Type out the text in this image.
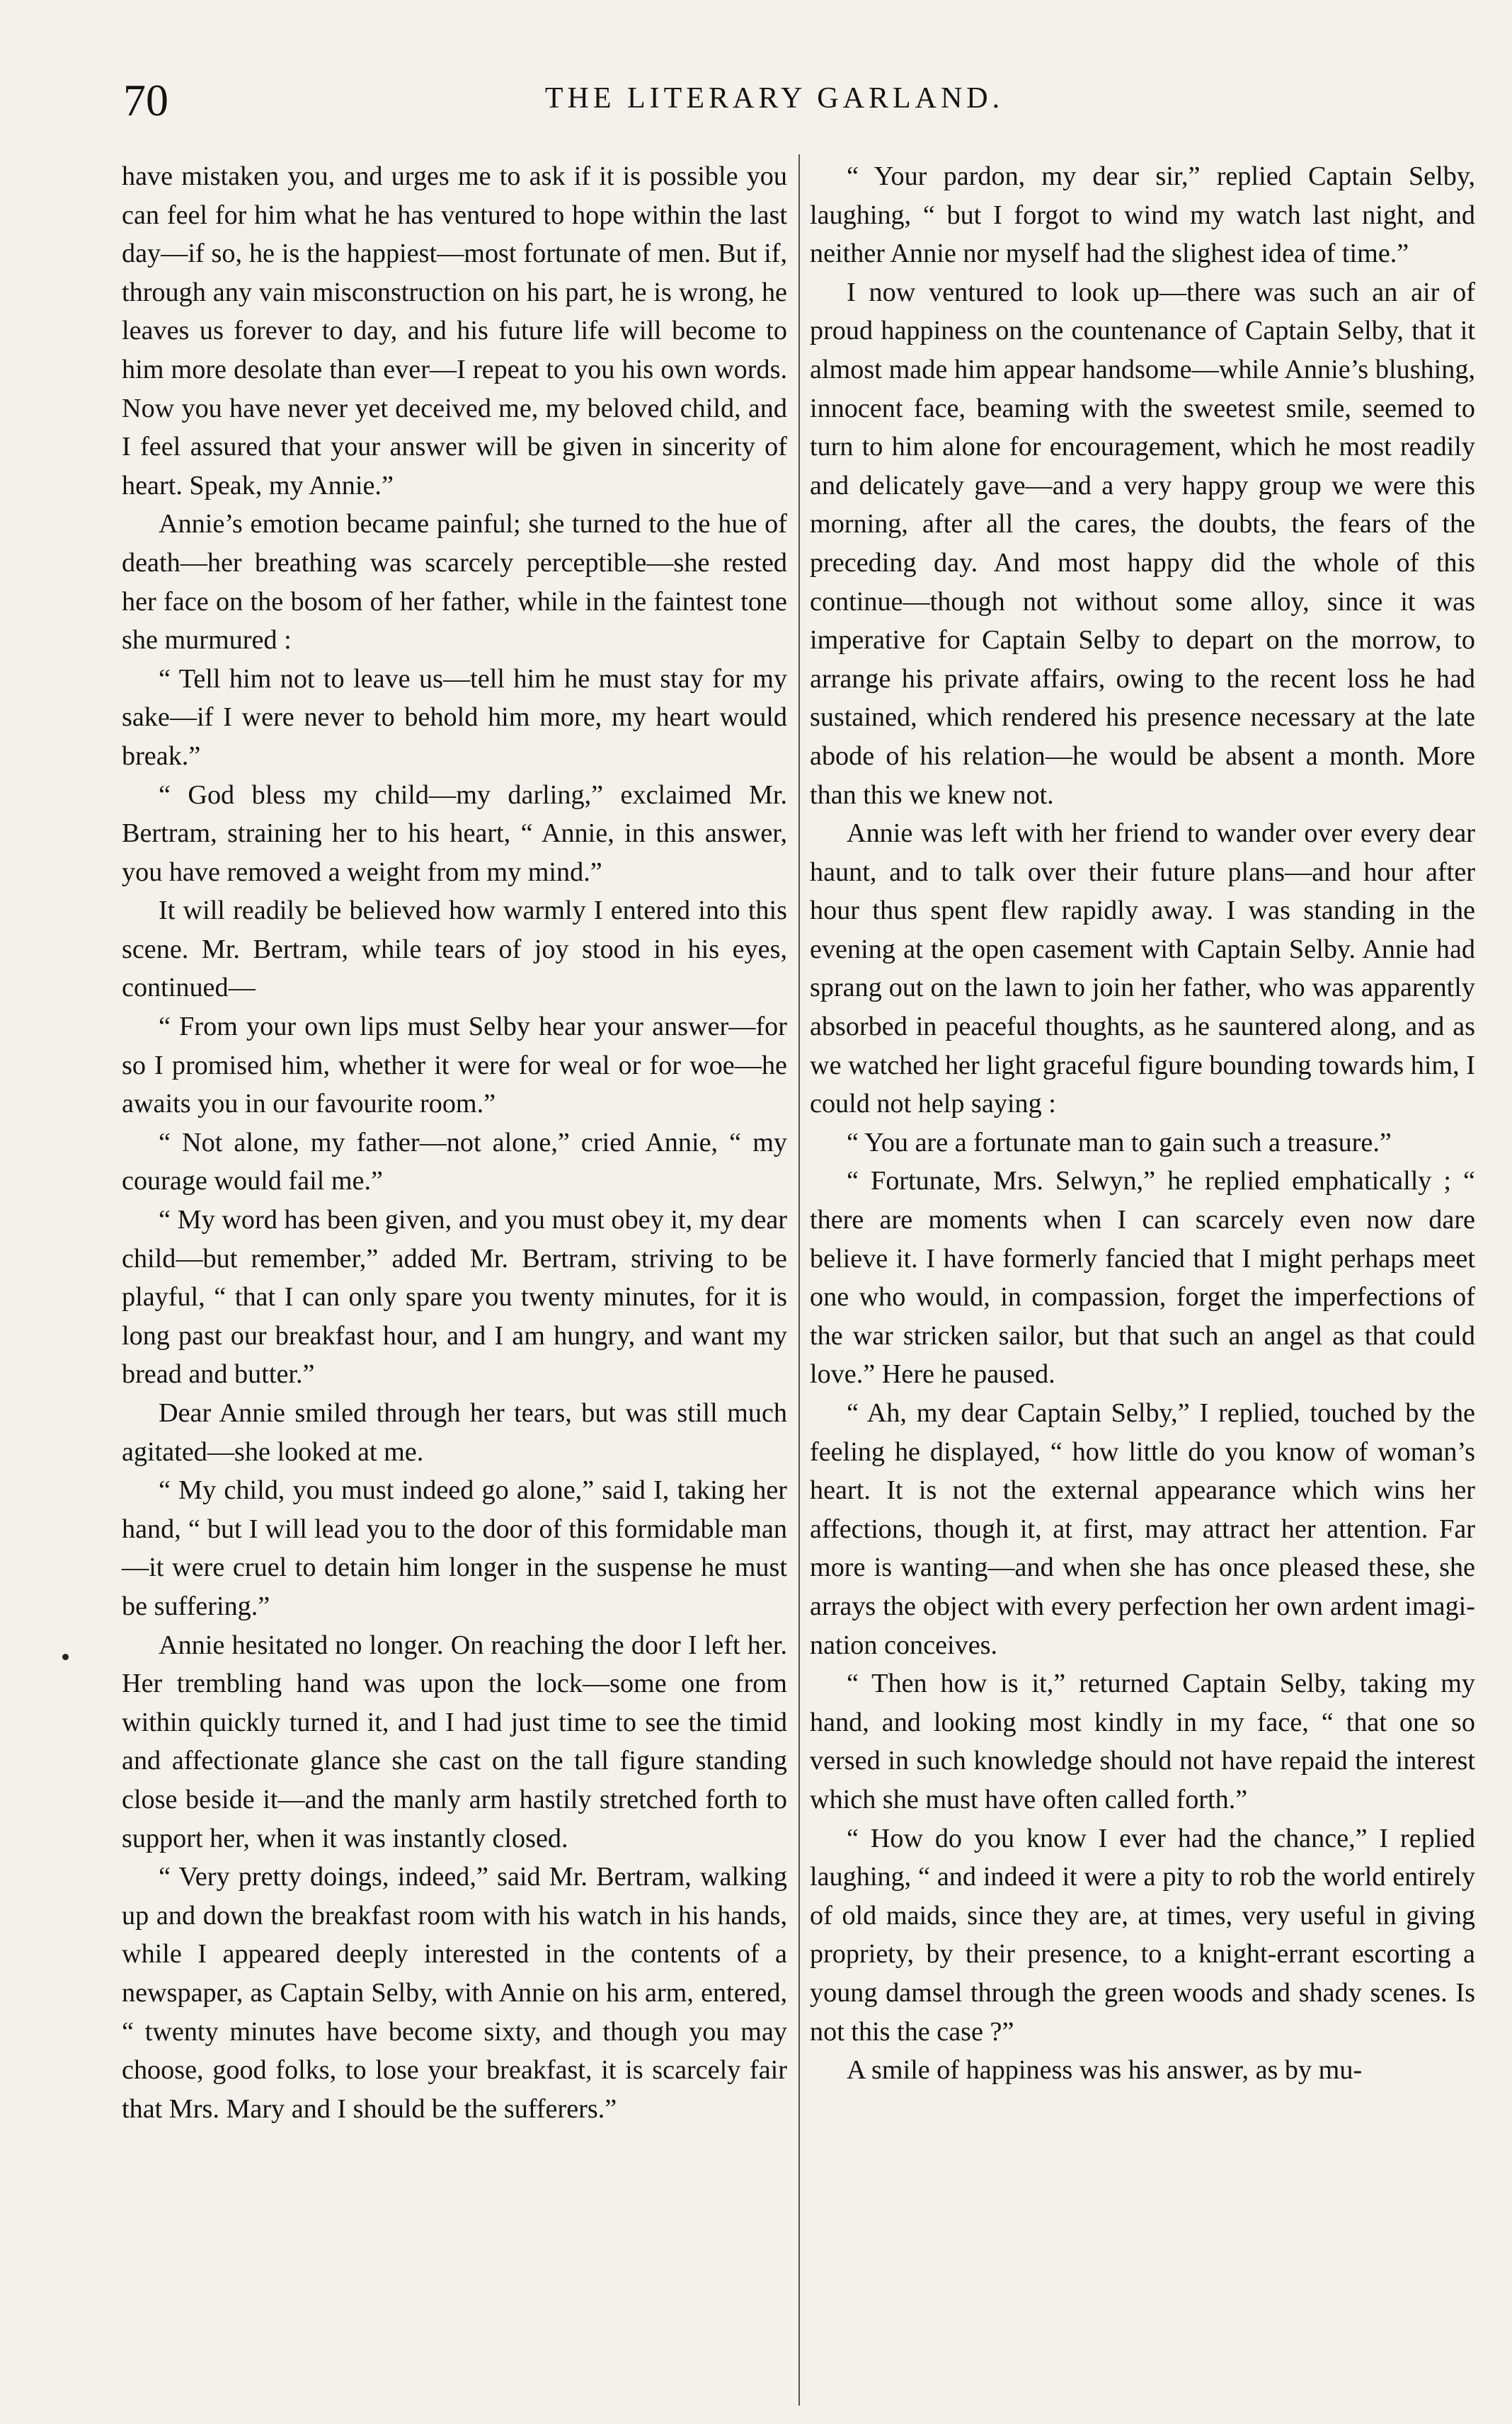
70	THE LITERARY GARLAND.

have mistaken you, and urges me to ask if it is possible you can feel for him what he has ventured to hope within the last day—if so, he is the happiest—most fortunate of men. But if, through any vain misconstruction on his part, he is wrong, he leaves us forever to day, and his future life will become to him more desolate than ever—I repeat to you his own words. Now you have never yet deceived me, my beloved child, and I feel assured that your answer will be given in sincerity of heart. Speak, my Annie.”

Annie’s emotion became painful; she turned to the hue of death—her breathing was scarcely perceptible—she rested her face on the bosom of her father, while in the faintest tone she murmured :

“ Tell him not to leave us—tell him he must stay for my sake—if I were never to behold him more, my heart would break.”

“ God bless my child—my darling,” exclaimed Mr. Bertram, straining her to his heart, “ Annie, in this answer, you have removed a weight from my mind.”

It will readily be believed how warmly I entered into this scene. Mr. Bertram, while tears of joy stood in his eyes, continued—

“ From your own lips must Selby hear your answer—for so I promised him, whether it were for weal or for woe—he awaits you in our favourite room.”

“ Not alone, my father—not alone,” cried Annie, “ my courage would fail me.”

“ My word has been given, and you must obey it, my dear child—but remember,” added Mr. Bertram, striving to be playful, “ that I can only spare you twenty minutes, for it is long past our breakfast hour, and I am hungry, and want my bread and butter.”

Dear Annie smiled through her tears, but was still much agitated—she looked at me.

“ My child, you must indeed go alone,” said I, taking her hand, “ but I will lead you to the door of this formidable man—it were cruel to detain him longer in the suspense he must be suffering.”

Annie hesitated no longer. On reaching the door I left her. Her trembling hand was upon the lock—some one from within quickly turned it, and I had just time to see the timid and affectionate glance she cast on the tall figure standing close beside it—and the manly arm hastily stretched forth to support her, when it was instantly closed.

“ Very pretty doings, indeed,” said Mr. Bertram, walking up and down the breakfast room with his watch in his hands, while I appeared deeply interested in the contents of a newspaper, as Captain Selby, with Annie on his arm, entered, “ twenty minutes have become sixty, and though you may choose, good folks, to lose your breakfast, it is scarcely fair that Mrs. Mary and I should be the sufferers.”

“ Your pardon, my dear sir,” replied Captain Selby, laughing, “ but I forgot to wind my watch last night, and neither Annie nor myself had the slighest idea of time.”

I now ventured to look up—there was such an air of proud happiness on the countenance of Captain Selby, that it almost made him appear handsome—while Annie’s blushing, innocent face, beaming with the sweetest smile, seemed to turn to him alone for encouragement, which he most readily and delicately gave—and a very happy group we were this morning, after all the cares, the doubts, the fears of the preceding day. And most happy did the whole of this continue—though not without some alloy, since it was imperative for Captain Selby to depart on the morrow, to arrange his private affairs, owing to the recent loss he had sustained, which rendered his presence necessary at the late abode of his relation—he would be absent a month. More than this we knew not.

Annie was left with her friend to wander over every dear haunt, and to talk over their future plans—and hour after hour thus spent flew rapidly away. I was standing in the evening at the open casement with Captain Selby. Annie had sprang out on the lawn to join her father, who was apparently absorbed in peaceful thoughts, as he sauntered along, and as we watched her light graceful figure bounding towards him, I could not help saying :

“ You are a fortunate man to gain such a treasure.”

“ Fortunate, Mrs. Selwyn,” he replied emphatically ; “ there are moments when I can scarcely even now dare believe it. I have formerly fancied that I might perhaps meet one who would, in compassion, forget the imperfections of the war stricken sailor, but that such an angel as that could love.” Here he paused.

“ Ah, my dear Captain Selby,” I replied, touched by the feeling he displayed, “ how little do you know of woman’s heart. It is not the external appearance which wins her affections, though it, at first, may attract her attention. Far more is wanting—and when she has once pleased these, she arrays the object with every perfection her own ardent imagination conceives.

“ Then how is it,” returned Captain Selby, taking my hand, and looking most kindly in my face, “ that one so versed in such knowledge should not have repaid the interest which she must have often called forth.”

“ How do you know I ever had the chance,” I replied laughing, “ and indeed it were a pity to rob the world entirely of old maids, since they are, at times, very useful in giving propriety, by their presence, to a knight-errant escorting a young damsel through the green woods and shady scenes. Is not this the case ?”

A smile of happiness was his answer, as by mu-
